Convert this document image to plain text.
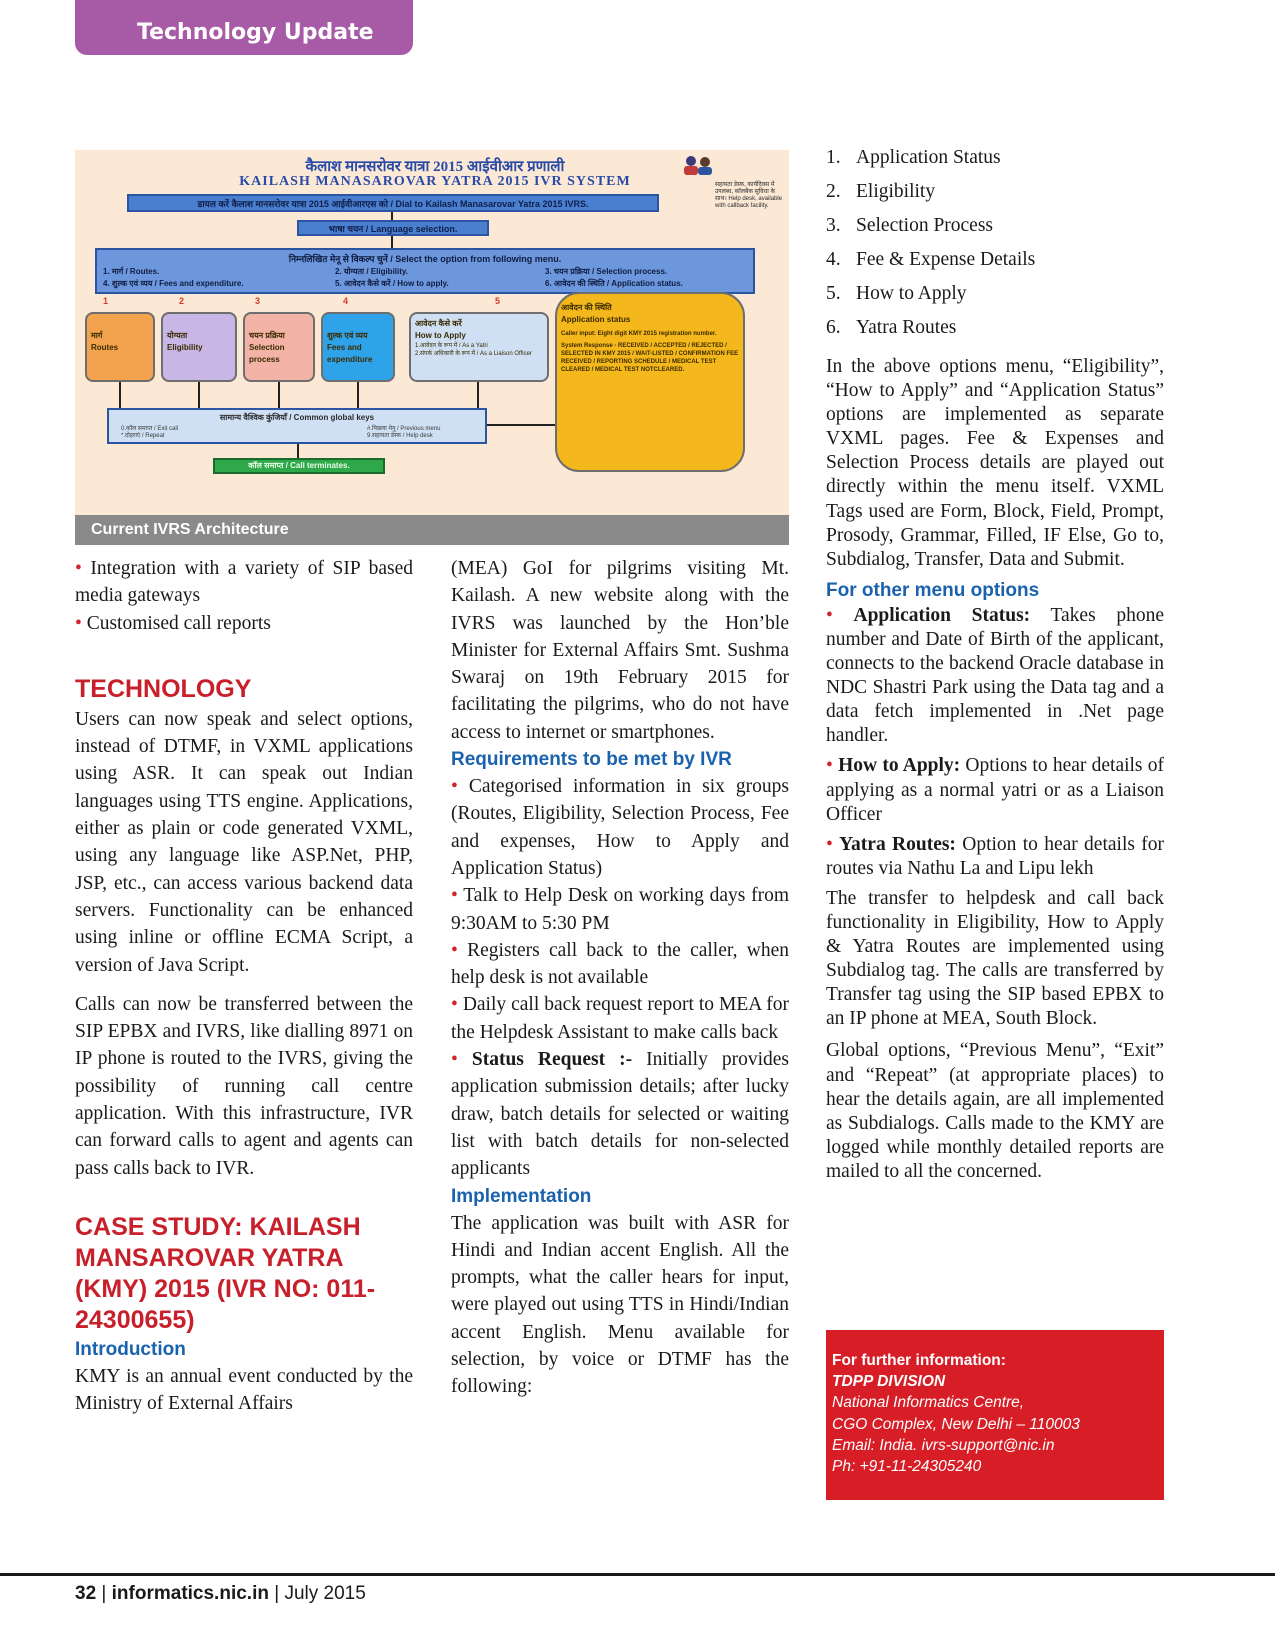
Technology Update
कैलाश मानसरोवर यात्रा 2015 आईवीआर प्रणाली
KAILASH MANASAROVAR YATRA 2015 IVR SYSTEM	सहायता डेस्क, कार्यदिवस में उपलब्ध, कॉलबैक सुविधा के साथ। Help desk, available with callback facility.
डायल करें कैलाश मानसरोवर यात्रा 2015 आईवीआरएस को / Dial to Kailash Manasarovar Yatra 2015 IVRS.
भाषा चयन / Language selection.
निम्नलिखित मेनू से विकल्प चुनें / Select the option from following menu.
1. मार्ग / Routes.	2. योग्यता / Eligibility.	3. चयन प्रक्रिया / Selection process.
4. शुल्क एवं व्यय / Fees and expenditure.	5. आवेदन कैसे करें / How to apply.	6. आवेदन की स्थिति / Application status.
1	2	3	4	5
मार्ग
Routes
योग्यता
Eligibility
चयन प्रक्रिया
Selection process
शुल्क एवं व्यय
Fees and expenditure
आवेदन कैसे करें
How to Apply
1.आवेदन के रूप में / As a Yatri
2.संपर्क अधिकारी के रूप में / As a Liaison Officer
आवेदन की स्थिति
Application status
Caller input: Eight digit KMY 2015 registration number.
System Response - RECEIVED / ACCEPTED / REJECTED / SELECTED IN KMY 2015 / WAIT-LISTED / CONFIRMATION FEE RECEIVED / REPORTING SCHEDULE / MEDICAL TEST CLEARED / MEDICAL TEST NOTCLEARED.
सामान्य वैश्विक कुंजियाँ / Common global keys
0.कॉल समाप्त / Exit call
*.दोहराएं / Repeat
#.पिछला मेनू / Previous menu
9.सहायता डेस्क / Help desk
कॉल समाप्त / Call terminates.
Current IVRS Architecture

• Integration with a variety of SIP based media gateways

• Customised call reports

TECHNOLOGY

Users can now speak and select options, instead of DTMF, in VXML applications using ASR. It can speak out Indian languages using TTS engine. Applications, either as plain or code generated VXML, using any language like ASP.Net, PHP, JSP, etc., can access various backend data servers. Functionality can be enhanced using inline or offline ECMA Script, a version of Java Script.

Calls can now be transferred between the SIP EPBX and IVRS, like dialling 8971 on IP phone is routed to the IVRS, giving the possibility of running call centre application. With this infrastructure, IVR can forward calls to agent and agents can pass calls back to IVR.

CASE STUDY: KAILASH MANSAROVAR YATRA (KMY) 2015 (IVR NO: 011-24300655)
Introduction

KMY is an annual event conducted by the Ministry of External Affairs

(MEA) GoI for pilgrims visiting Mt. Kailash. A new website along with the IVRS was launched by the Hon’ble Minister for External Affairs Smt. Sushma Swaraj on 19th February 2015 for facilitating the pilgrims, who do not have access to internet or smartphones.

Requirements to be met by IVR

• Categorised information in six groups (Routes, Eligibility, Selection Process, Fee and expenses, How to Apply and Application Status)

• Talk to Help Desk on working days from 9:30AM to 5:30 PM

• Registers call back to the caller, when help desk is not available

• Daily call back request report to MEA for the Helpdesk Assistant to make calls back

• Status Request :- Initially provides application submission details; after lucky draw, batch details for selected or waiting list with batch details for non-selected applicants

Implementation

The application was built with ASR for Hindi and Indian accent English. All the prompts, what the caller hears for input, were played out using TTS in Hindi/Indian accent English. Menu available for selection, by voice or DTMF has the following:

1. Application Status
2. Eligibility
3. Selection Process
4. Fee & Expense Details
5. How to Apply
6. Yatra Routes

In the above options menu, “Eligibility”, “How to Apply” and “Application Status” options are implemented as separate VXML pages. Fee & Expenses and Selection Process details are played out directly within the menu itself. VXML Tags used are Form, Block, Field, Prompt, Prosody, Grammar, Filled, IF Else, Go to, Subdialog, Transfer, Data and Submit.

For other menu options

• Application Status: Takes phone number and Date of Birth of the applicant, connects to the backend Oracle database in NDC Shastri Park using the Data tag and a data fetch implemented in .Net page handler.

• How to Apply: Options to hear details of applying as a normal yatri or as a Liaison Officer

• Yatra Routes: Option to hear details for routes via Nathu La and Lipu lekh

The transfer to helpdesk and call back functionality in Eligibility, How to Apply & Yatra Routes are implemented using Subdialog tag. The calls are transferred by Transfer tag using the SIP based EPBX to an IP phone at MEA, South Block.

Global options, “Previous Menu”, “Exit” and “Repeat” (at appropriate places) to hear the details again, are all implemented as Subdialogs. Calls made to the KMY are logged while monthly detailed reports are mailed to all the concerned.

For further information:
TDPP DIVISION
National Informatics Centre,
CGO Complex, New Delhi – 110003
Email: India. ivrs-support@nic.in
Ph: +91-11-24305240
32 | informatics.nic.in | July 2015
